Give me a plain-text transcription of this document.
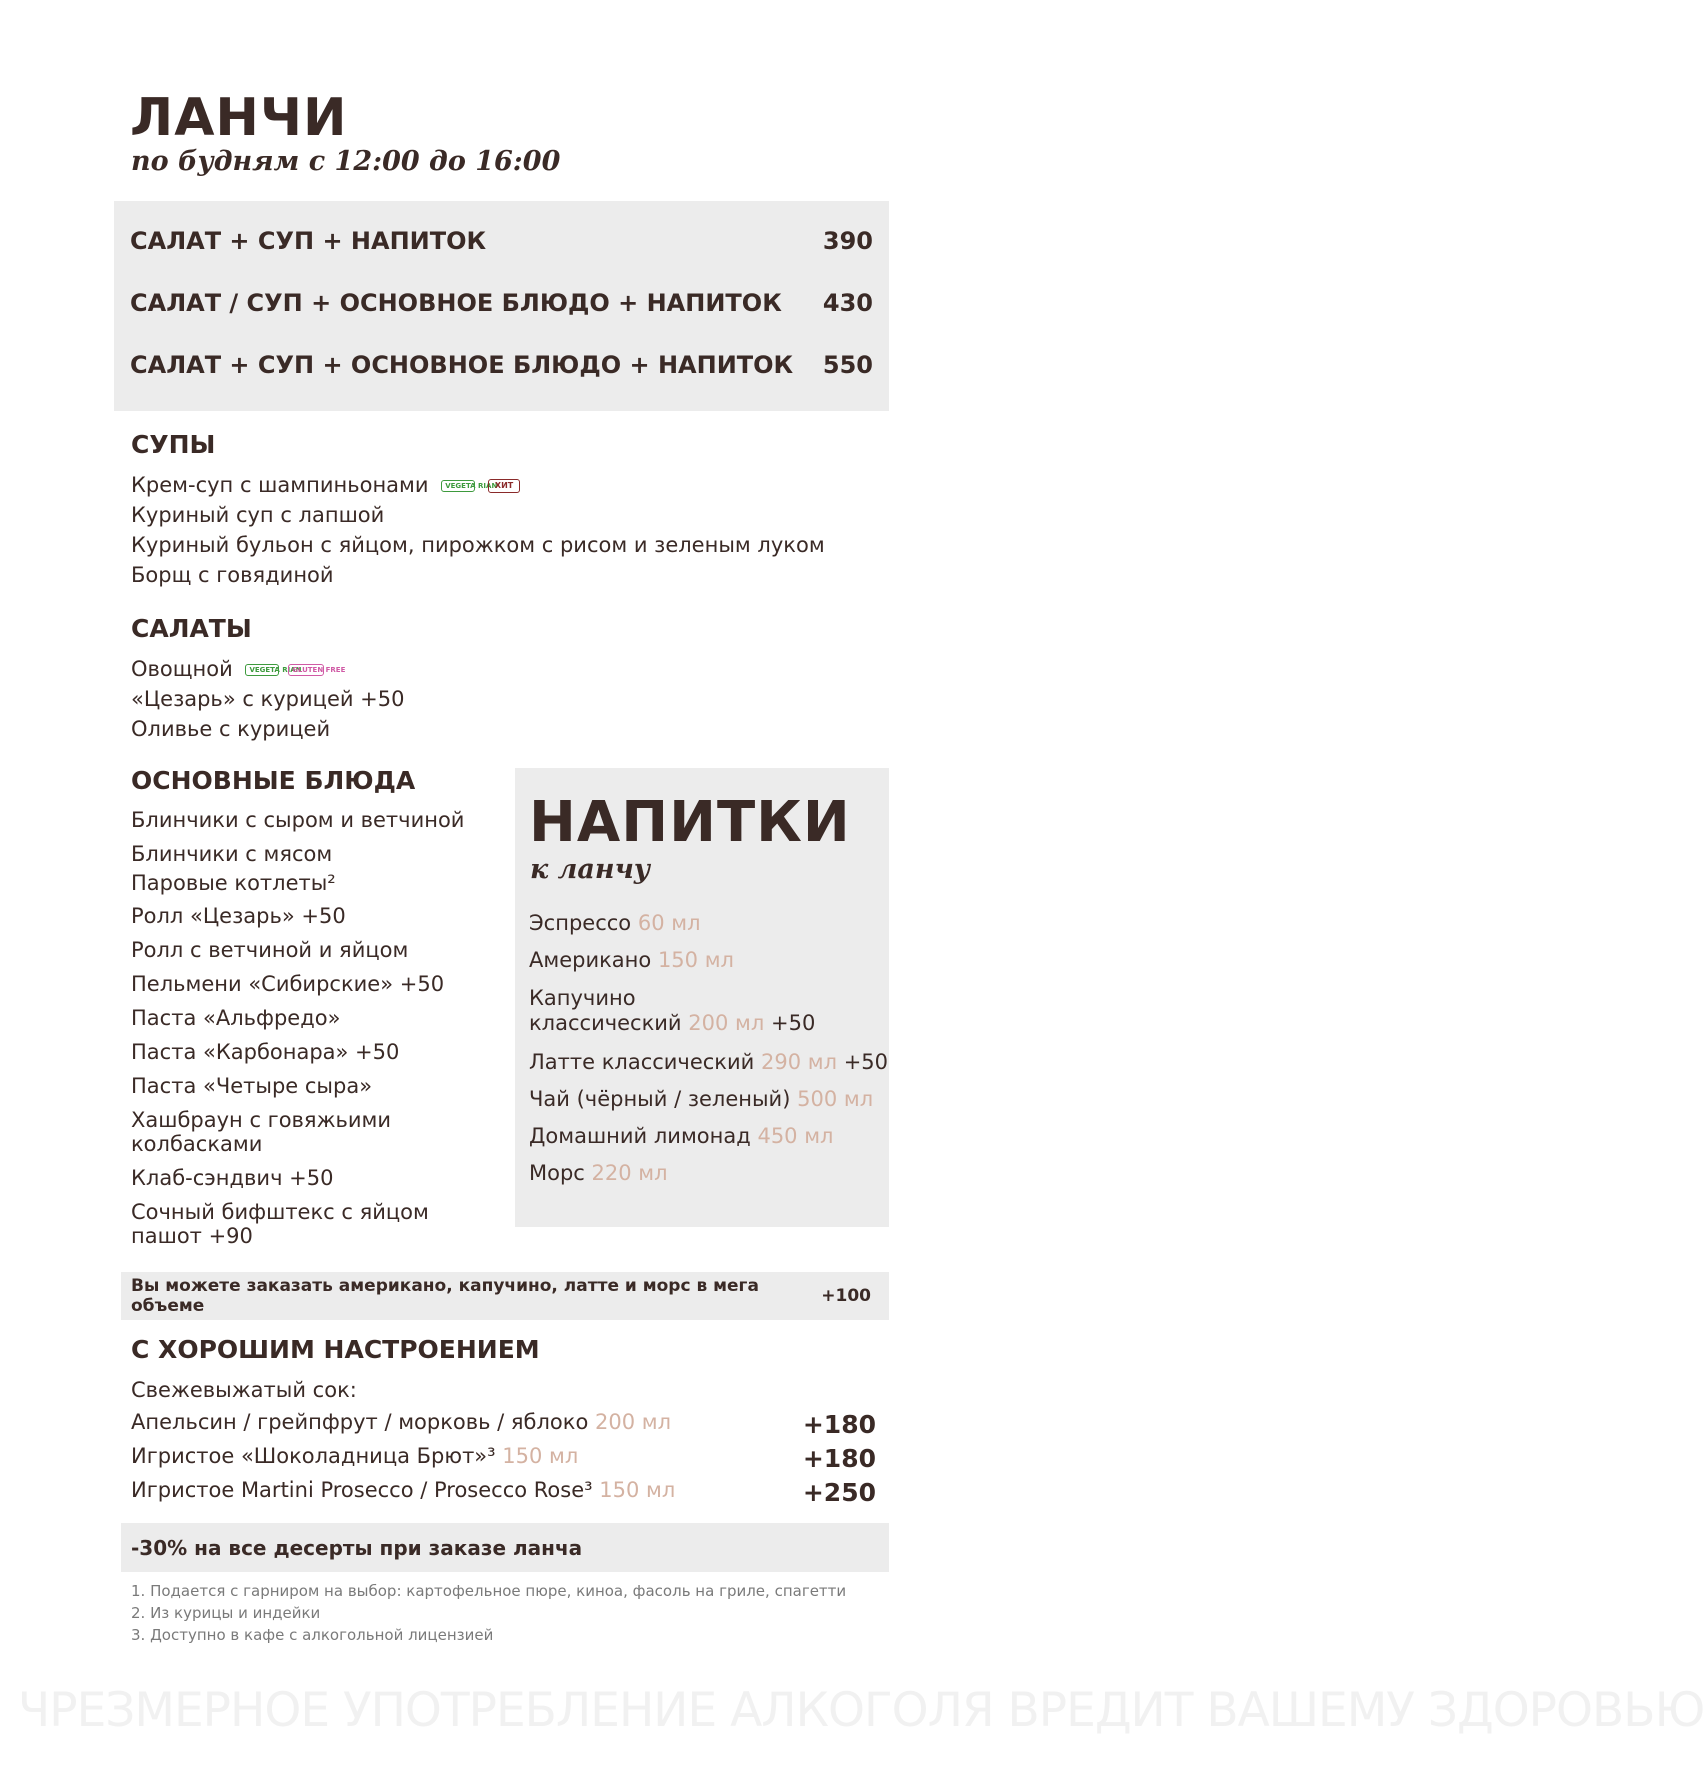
ЛАНЧИ
по будням с 12:00 до 16:00
САЛАТ + СУП + НАПИТОК	390
САЛАТ / СУП + ОСНОВНОЕ БЛЮДО + НАПИТОК 430
САЛАТ + СУП + ОСНОВНОЕ БЛЮДО + НАПИТОК 550
СУПЫ
Крем-суп с шампиньонами VEGETA RIAN ХИТ
Куриный суп с лапшой
Куриный бульон с яйцом, пирожком с рисом и зеленым луком
Борщ с говядиной
САЛАТЫ
Овощной VEGETA RIAN GLUTEN FREE
«Цезарь» с курицей +50
Оливье с курицей
ОСНОВНЫЕ БЛЮДА
Блинчики с сыром и ветчиной
Блинчики с мясом
Паровые котлеты²
Ролл «Цезарь» +50
Ролл с ветчиной и яйцом
Пельмени «Сибирские» +50
Паста «Альфредо»
Паста «Карбонара» +50
Паста «Четыре сыра»
Хашбраун с говяжьими колбасками
Клаб-сэндвич +50
Сочный бифштекс с яйцом пашот +90
НАПИТКИ
к ланчу
Эспрессо 60 мл
Американо 150 мл
Капучино
классический 200 мл +50
Латте классический 290 мл +50
Чай (чёрный / зеленый) 500 мл
Домашний лимонад 450 мл
Морс 220 мл
Вы можете заказать американо, капучино, латте и морс в мега объеме	+100
С ХОРОШИМ НАСТРОЕНИЕМ
Свежевыжатый сок:
Апельсин / грейпфрут / морковь / яблоко 200 мл	+180
Игристое «Шоколадница Брют»³ 150 мл	+180
Игристое Martini Prosecco / Prosecco Rose³ 150 мл	+250
-30% на все десерты при заказе ланча
1. Подается с гарниром на выбор: картофельное пюре, киноа, фасоль на гриле, спагетти
2. Из курицы и индейки
3. Доступно в кафе с алкогольной лицензией
ЧРЕЗМЕРНОЕ УПОТРЕБЛЕНИЕ АЛКОГОЛЯ ВРЕДИТ ВАШЕМУ ЗДОРОВЬЮ
